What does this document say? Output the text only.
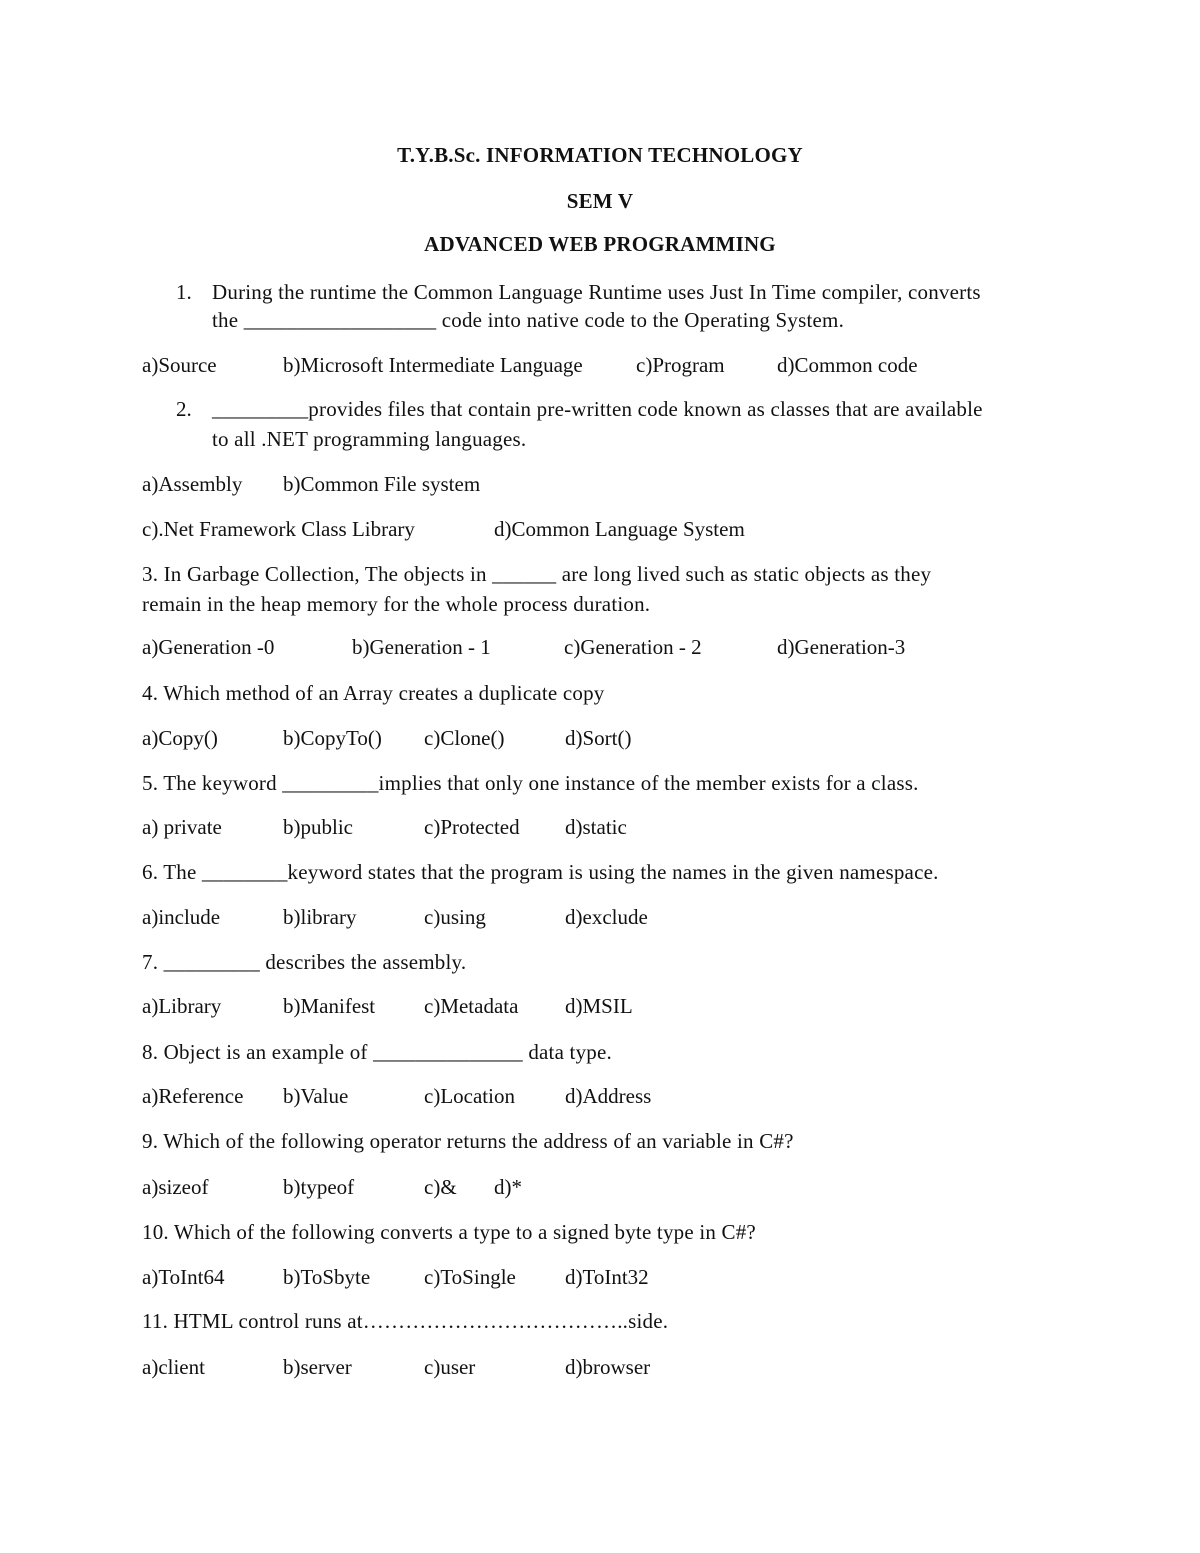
T.Y.B.Sc. INFORMATION TECHNOLOGY
SEM V
ADVANCED WEB PROGRAMMING
1. During the runtime the Common Language Runtime uses Just In Time compiler, converts
the __________________ code into native code to the Operating System.
a)Source	b)Microsoft Intermediate Language	c)Program d)Common code
2. _________provides files that contain pre-written code known as classes that are available
to all .NET programming languages.
a)Assembly b)Common File system
c).Net Framework Class Library	d)Common Language System
3. In Garbage Collection, The objects in ______ are long lived such as static objects as they
remain in the heap memory for the whole process duration.
a)Generation -0	b)Generation - 1	c)Generation - 2	d)Generation-3
4. Which method of an Array creates a duplicate copy
a)Copy()	b)CopyTo() c)Clone()	d)Sort()
5. The keyword _________implies that only one instance of the member exists for a class.
a) private	b)public	c)Protected d)static
6. The ________keyword states that the program is using the names in the given namespace.
a)include	b)library	c)using	d)exclude
7. _________ describes the assembly.
a)Library	b)Manifest c)Metadata d)MSIL
8. Object is an example of ______________ data type.
a)Reference b)Value	c)Location d)Address
9. Which of the following operator returns the address of an variable in C#?
a)sizeof	b)typeof	c)& d)*
10. Which of the following converts a type to a signed byte type in C#?
a)ToInt64	b)ToSbyte	c)ToSingle d)ToInt32
11. HTML control runs at………………………………..side.
a)client	b)server	c)user	d)browser
